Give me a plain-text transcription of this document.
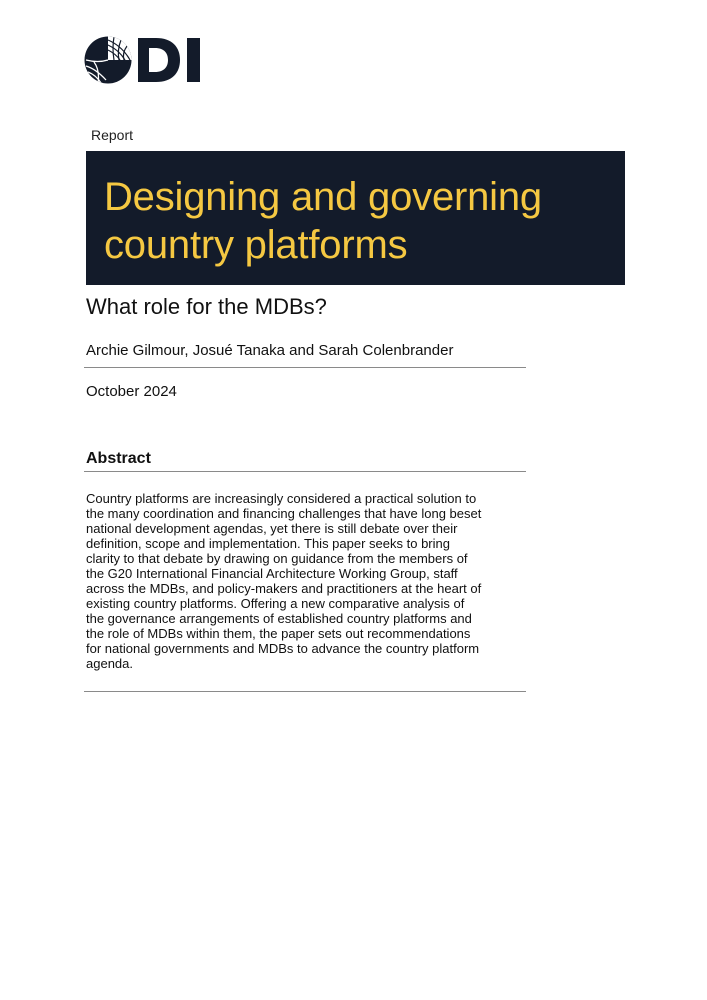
Report
Designing and governing
country platforms
What role for the MDBs?
Archie Gilmour, Josué Tanaka and Sarah Colenbrander
October 2024
Abstract
Country platforms are increasingly considered a practical solution to
the many coordination and financing challenges that have long beset
national development agendas, yet there is still debate over their
definition, scope and implementation. This paper seeks to bring
clarity to that debate by drawing on guidance from the members of
the G20 International Financial Architecture Working Group, staff
across the MDBs, and policy-makers and practitioners at the heart of
existing country platforms. Offering a new comparative analysis of
the governance arrangements of established country platforms and
the role of MDBs within them, the paper sets out recommendations
for national governments and MDBs to advance the country platform
agenda.
